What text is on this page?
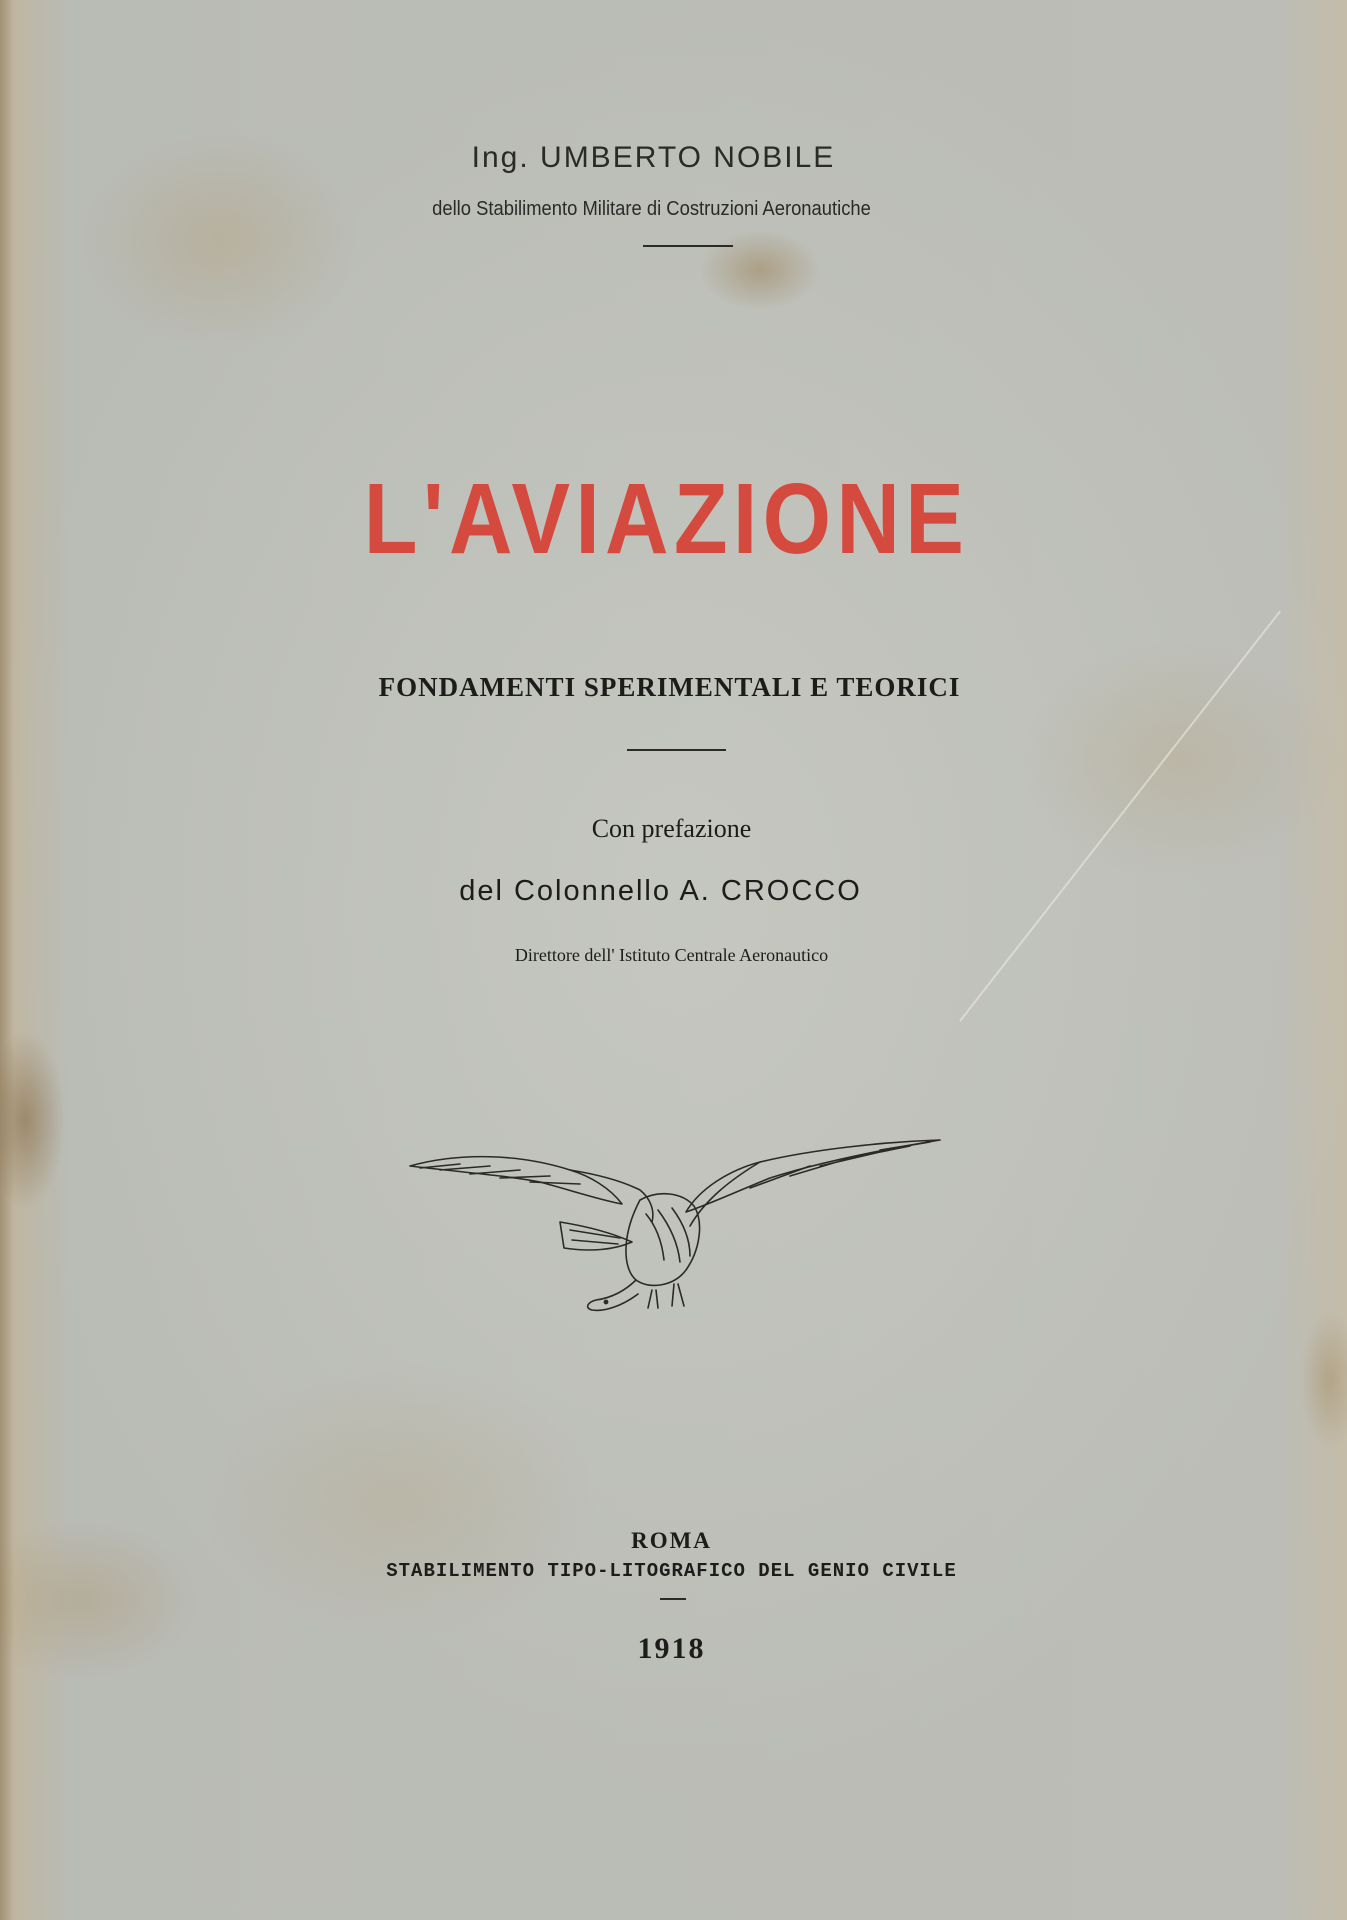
Ing. UMBERTO NOBILE
dello Stabilimento Militare di Costruzioni Aeronautiche
L'AVIAZIONE
FONDAMENTI SPERIMENTALI E TEORICI
Con prefazione
del Colonnello A. CROCCO
Direttore dell' Istituto Centrale Aeronautico
ROMA
STABILIMENTO TIPO-LITOGRAFICO DEL GENIO CIVILE
1918
